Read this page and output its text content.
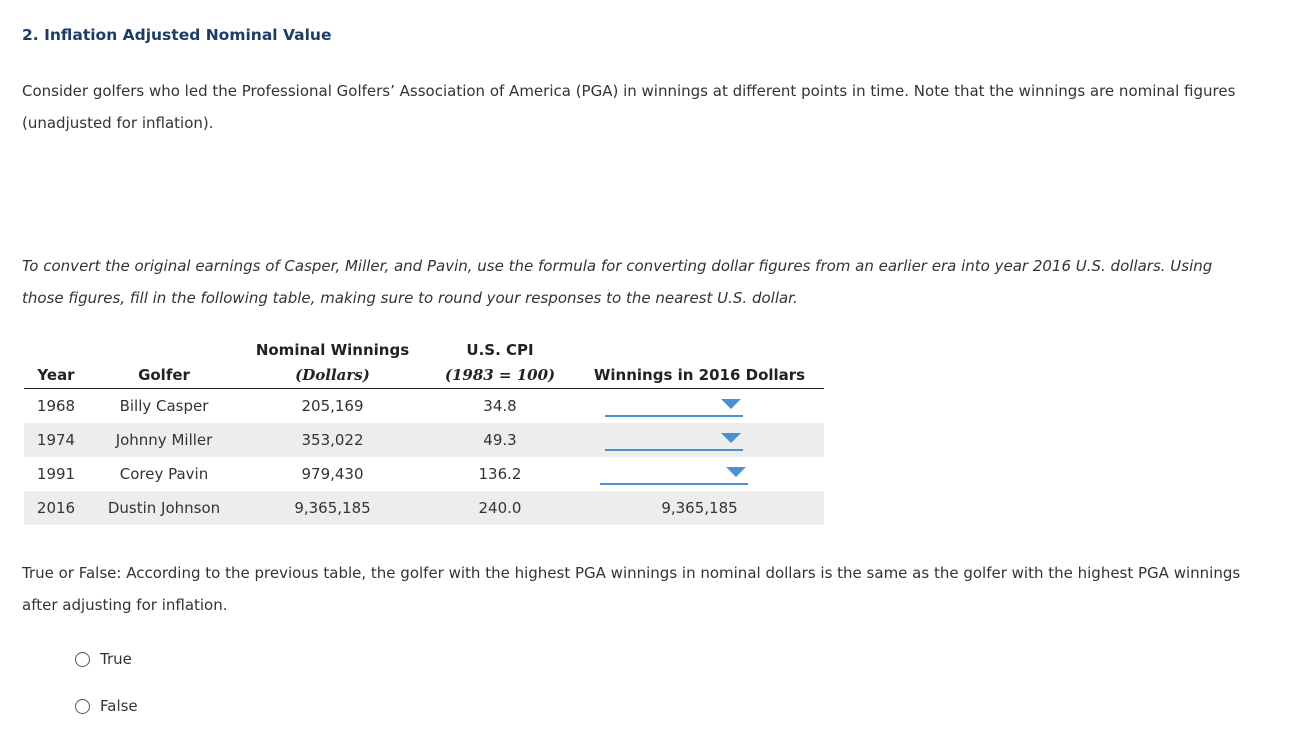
2. Inflation Adjusted Nominal Value
Consider golfers who led the Professional Golfers’ Association of America (PGA) in winnings at different points in time. Note that the winnings are nominal figures (unadjusted for inflation).
To convert the original earnings of Casper, Miller, and Pavin, use the formula for converting dollar figures from an earlier era into year 2016 U.S. dollars. Using those figures, fill in the following table, making sure to round your responses to the nearest U.S. dollar.
		Nominal Winnings	U.S. CPI	
Year	Golfer	(Dollars)	(1983 = 100)	Winnings in 2016 Dollars
1968	Billy Casper	205,169	34.8	

1974	Johnny Miller	353,022	49.3	

1991	Corey Pavin	979,430	136.2	

2016	Dustin Johnson	9,365,185	240.0	9,365,185
True or False: According to the previous table, the golfer with the highest PGA winnings in nominal dollars is the same as the golfer with the highest PGA winnings after adjusting for inflation.
True
False
